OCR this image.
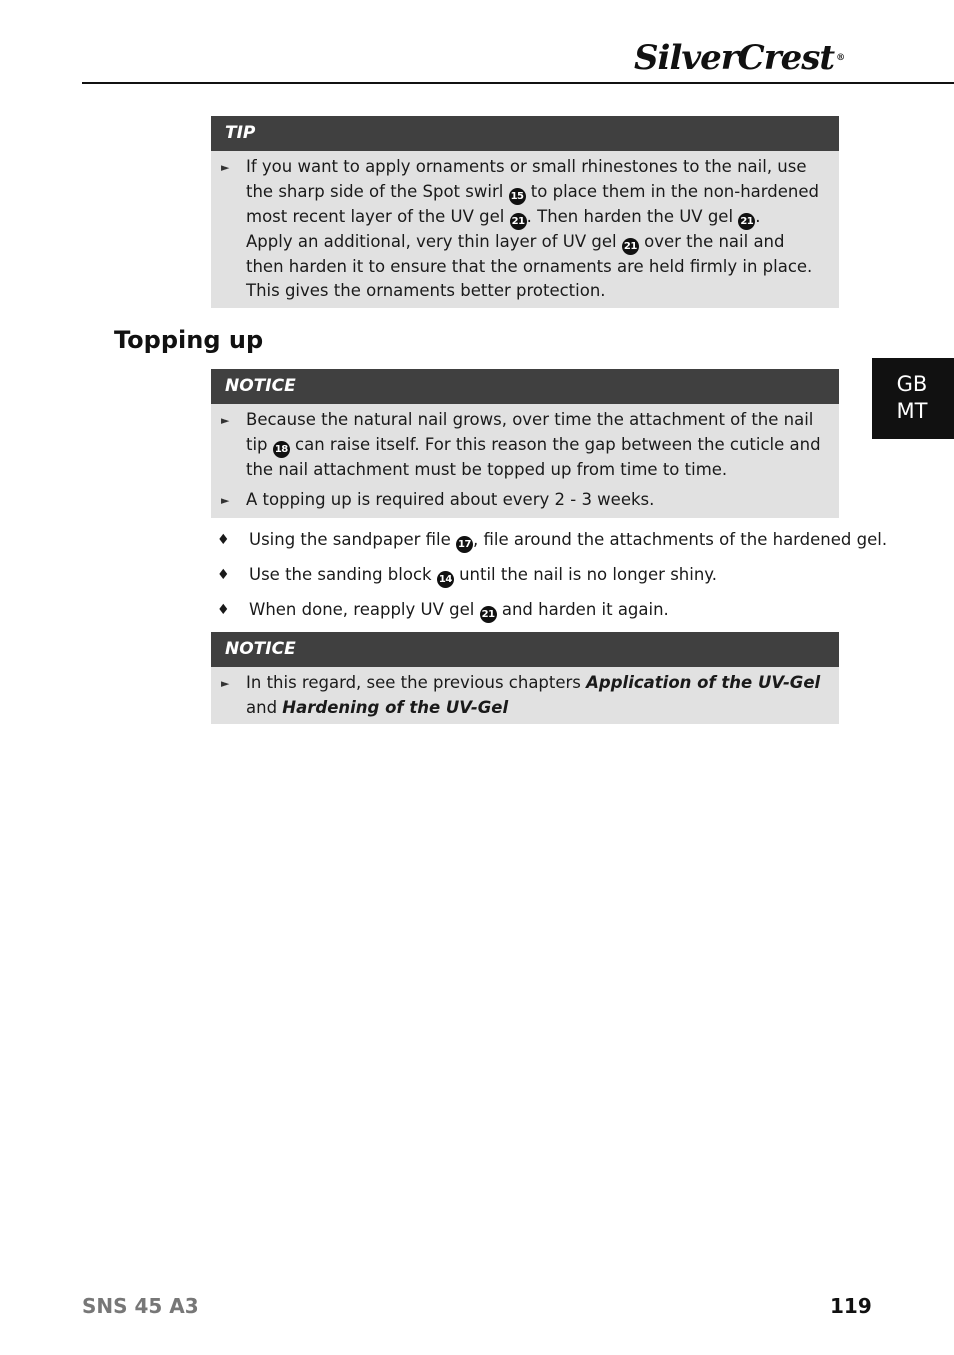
SilverCrest ®
TIP
►	If you want to apply ornaments or small rhinestones to the nail, use the sharp side of the Spot swirl 15 to place them in the non-hardened most recent layer of the UV gel 21 . Then harden the UV gel 21 .
Apply an additional, very thin layer of UV gel 21 over the nail and then harden it to ensure that the ornaments are held firmly in place. This gives the ornaments better protection.
Topping up
NOTICE
►	Because the natural nail grows, over time the attachment of the nail tip 18 can raise itself. For this reason the gap between the cuticle and the nail attachment must be topped up from time to time.
►	A topping up is required about every 2 - 3 weeks.
♦	Using the sandpaper file 17 , file around the attachments of the hardened gel.
♦	Use the sanding block 14 until the nail is no longer shiny.
♦	When done, reapply UV gel 21 and harden it again.
NOTICE
►	In this regard, see the previous chapters Application of the UV-Gel and Hardening of the UV-Gel
GB
MT
SNS 45 A3	119
